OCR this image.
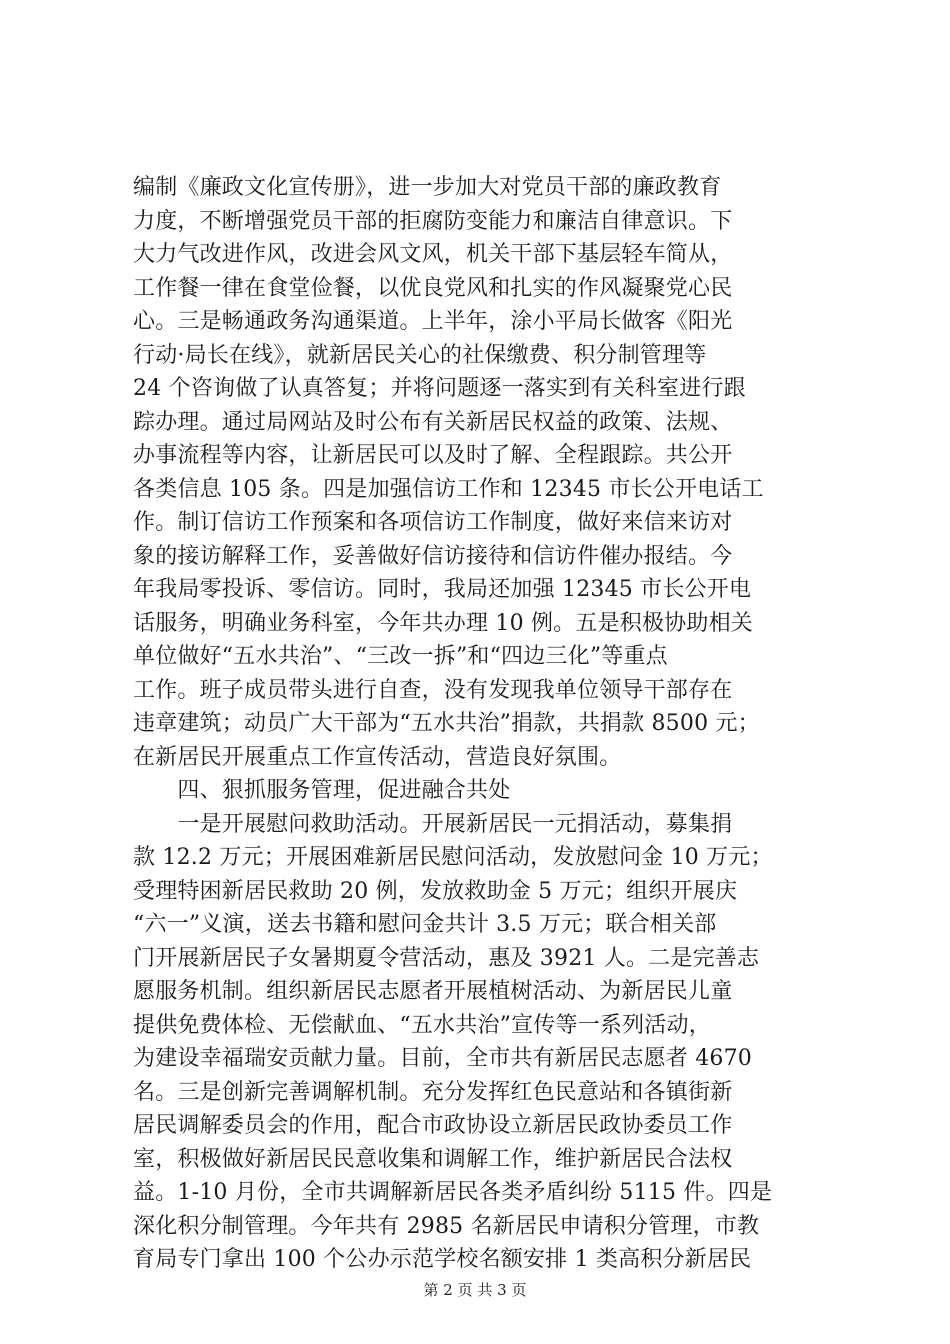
编制《廉政文化宣传册》，进一步加大对党员干部的廉政教育
力度，不断增强党员干部的拒腐防变能力和廉洁自律意识。下
大力气改进作风，改进会风文风，机关干部下基层轻车简从，
工作餐一律在食堂俭餐，以优良党风和扎实的作风凝聚党心民
心。三是畅通政务沟通渠道。上半年，涂小平局长做客《阳光
行动·局长在线》，就新居民关心的社保缴费、积分制管理等
24 个咨询做了认真答复；并将问题逐一落实到有关科室进行跟
踪办理。通过局网站及时公布有关新居民权益的政策、法规、
办事流程等内容，让新居民可以及时了解、全程跟踪。共公开
各类信息 105 条。四是加强信访工作和 12345 市长公开电话工
作。制订信访工作预案和各项信访工作制度，做好来信来访对
象的接访解释工作，妥善做好信访接待和信访件催办报结。今
年我局零投诉、零信访。同时，我局还加强 12345 市长公开电
话服务，明确业务科室，今年共办理 10 例。五是积极协助相关
单位做好“五水共治”、“三改一拆”和“四边三化”等重点
工作。班子成员带头进行自查，没有发现我单位领导干部存在
违章建筑；动员广大干部为“五水共治”捐款，共捐款 8500 元；
在新居民开展重点工作宣传活动，营造良好氛围。
　　四、狠抓服务管理，促进融合共处
　　一是开展慰问救助活动。开展新居民一元捐活动，募集捐
款 12.2 万元；开展困难新居民慰问活动，发放慰问金 10 万元；
受理特困新居民救助 20 例，发放救助金 5 万元；组织开展庆
“六一”义演，送去书籍和慰问金共计 3.5 万元；联合相关部
门开展新居民子女暑期夏令营活动，惠及 3921 人。二是完善志
愿服务机制。组织新居民志愿者开展植树活动、为新居民儿童
提供免费体检、无偿献血、“五水共治”宣传等一系列活动，
为建设幸福瑞安贡献力量。目前，全市共有新居民志愿者 4670
名。三是创新完善调解机制。充分发挥红色民意站和各镇街新
居民调解委员会的作用，配合市政协设立新居民政协委员工作
室，积极做好新居民民意收集和调解工作，维护新居民合法权
益。1-10 月份，全市共调解新居民各类矛盾纠纷 5115 件。四是
深化积分制管理。今年共有 2985 名新居民申请积分管理，市教
育局专门拿出 100 个公办示范学校名额安排 1 类高积分新居民
第 2 页 共 3 页
